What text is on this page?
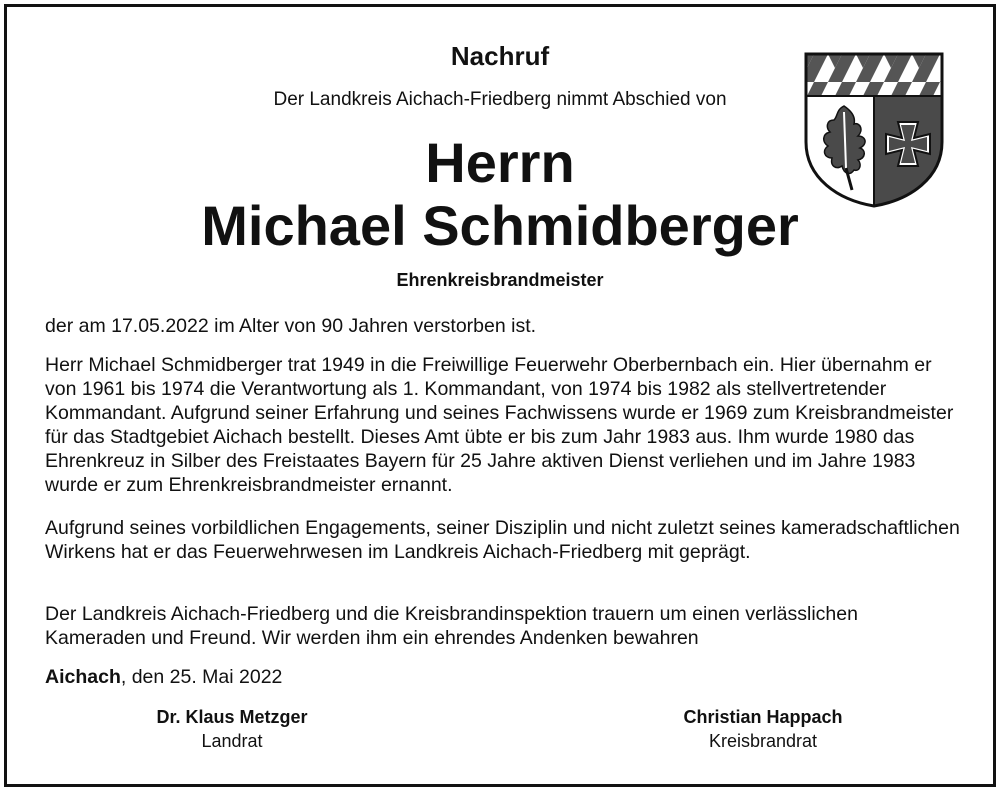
Nachruf
Der Landkreis Aichach-Friedberg nimmt Abschied von
Herrn
Michael Schmidberger
Ehrenkreisbrandmeister
der am 17.05.2022 im Alter von 90 Jahren verstorben ist.
Herr Michael Schmidberger trat 1949 in die Freiwillige Feuerwehr Oberbernbach ein. Hier übernahm er von 1961 bis 1974 die Verantwortung als 1. Kommandant, von 1974 bis 1982 als stellvertretender Kommandant. Aufgrund seiner Erfahrung und seines Fachwissens wurde er 1969 zum Kreisbrandmeister für das Stadtgebiet Aichach bestellt. Dieses Amt übte er bis zum Jahr 1983 aus. Ihm wurde 1980 das Ehrenkreuz in Silber des Freistaates Bayern für 25 Jahre aktiven Dienst verliehen und im Jahre 1983 wurde er zum Ehrenkreisbrandmeister ernannt.
Aufgrund seines vorbildlichen Engagements, seiner Disziplin und nicht zuletzt seines kameradschaftlichen Wirkens hat er das Feuerwehrwesen im Landkreis Aichach-Friedberg mit geprägt.
Der Landkreis Aichach-Friedberg und die Kreisbrandinspektion trauern um einen verlässlichen Kameraden und Freund. Wir werden ihm ein ehrendes Andenken bewahren
Aichach, den 25. Mai 2022
Dr. Klaus Metzger
Landrat
Christian Happach
Kreisbrandrat
